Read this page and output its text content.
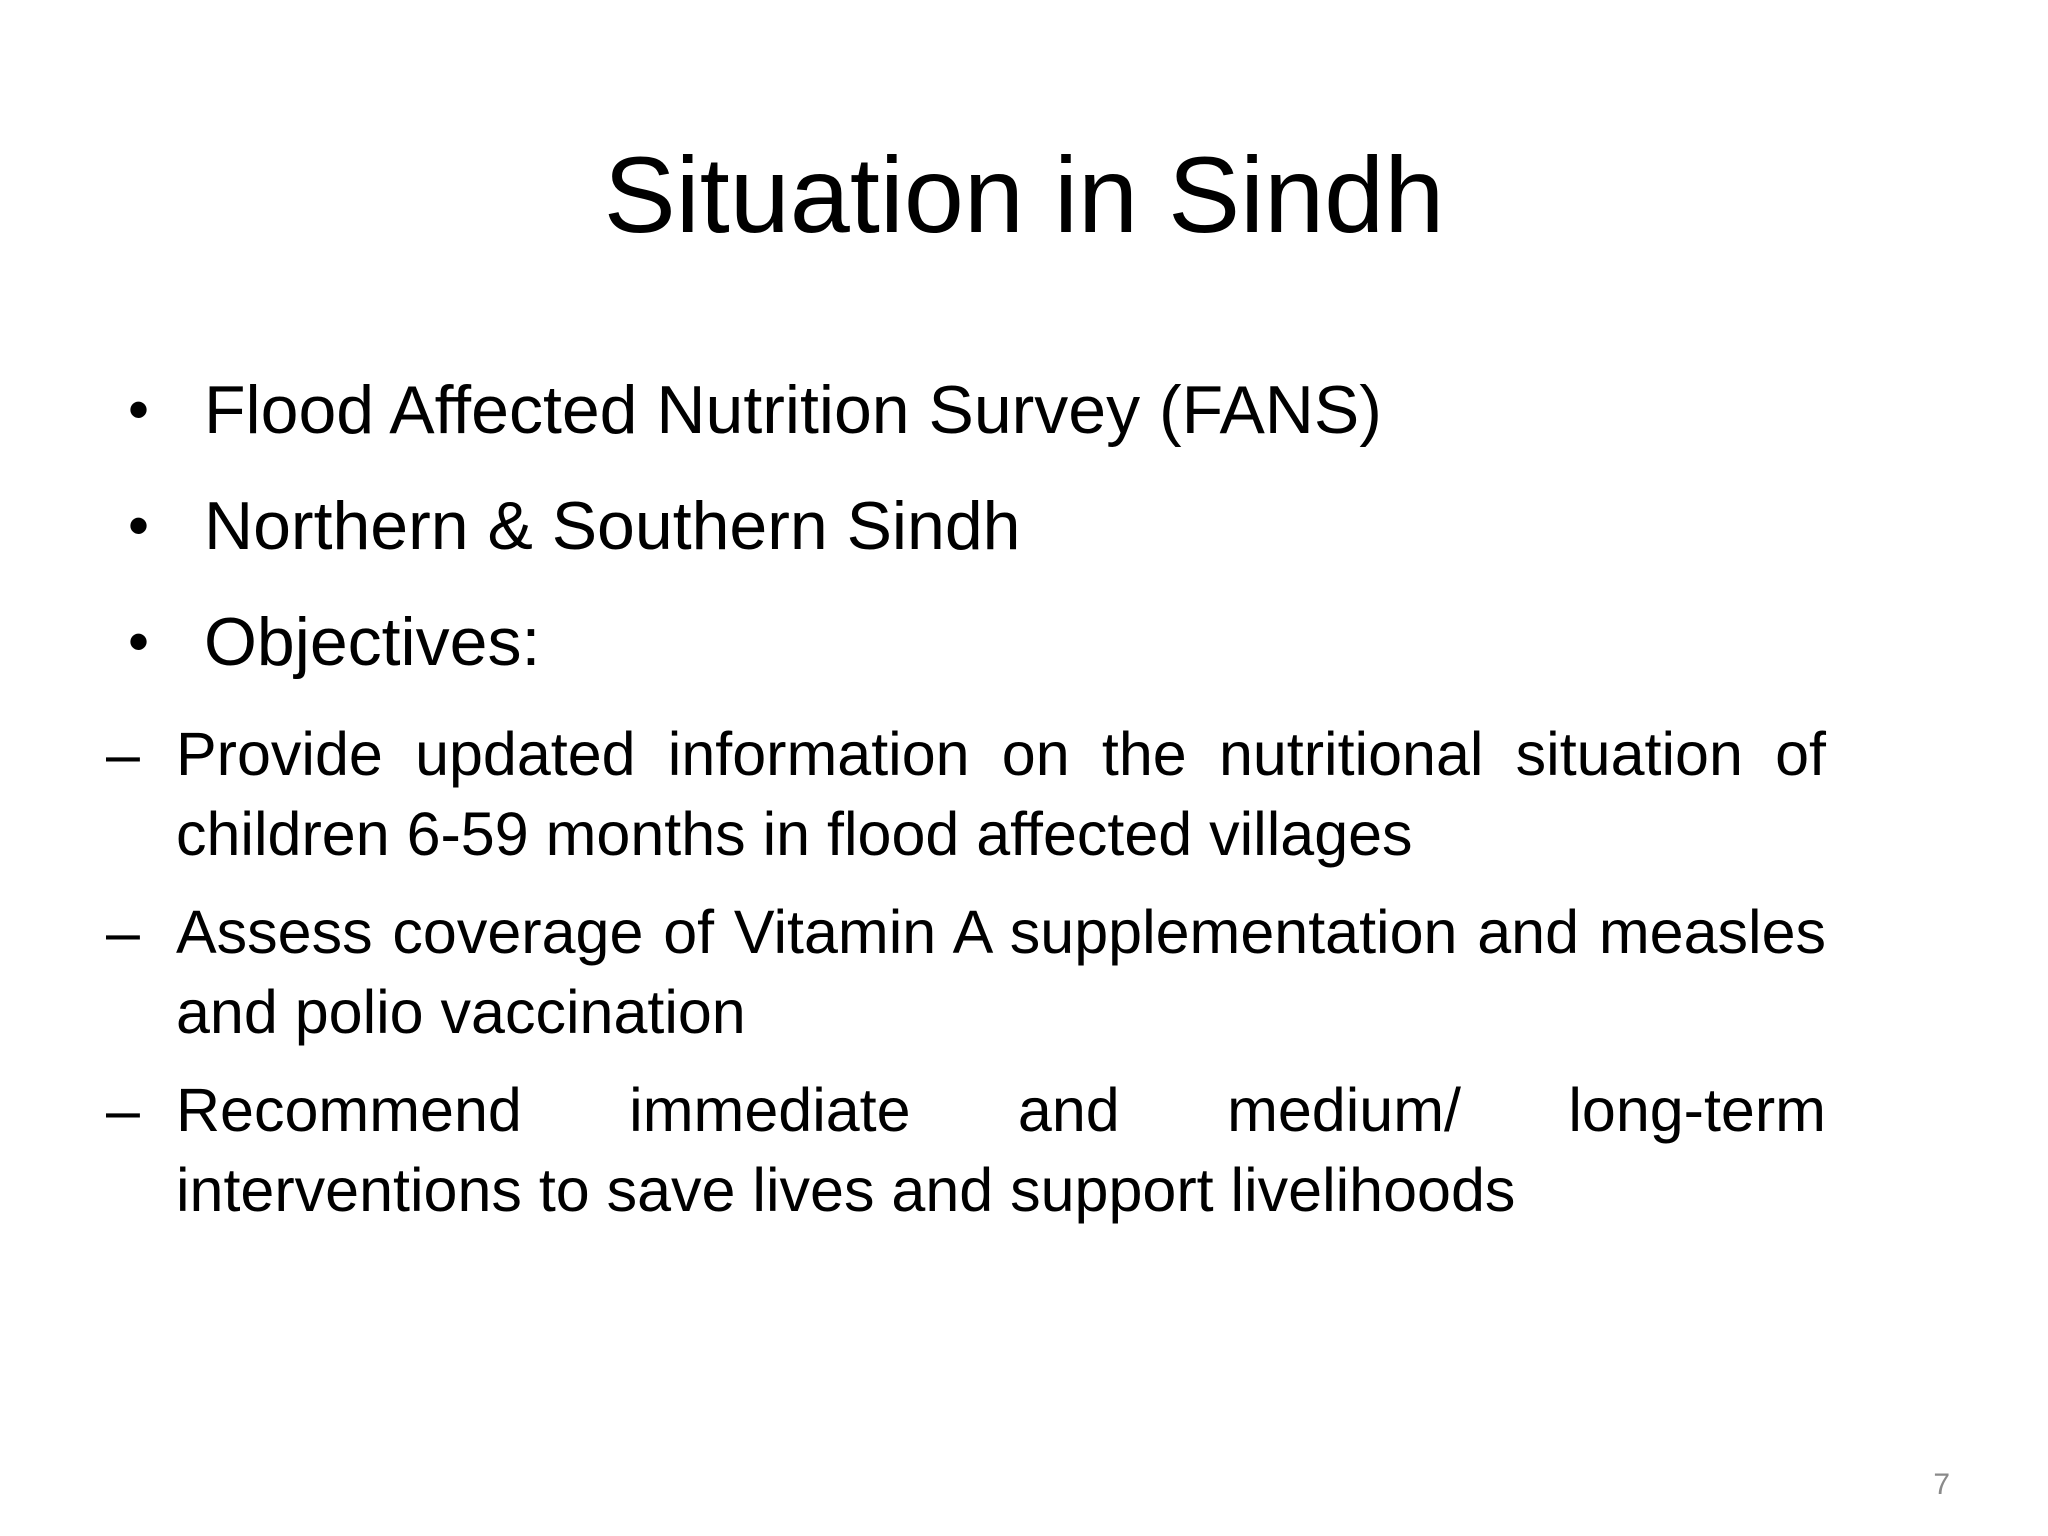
Situation in Sindh
• Flood Affected Nutrition Survey (FANS)
• Northern & Southern Sindh
• Objectives:
– Provide updated information on the nutritional situation of children 6-59 months in flood affected villages
– Assess coverage of Vitamin A supplementation and measles and polio vaccination
– Recommend immediate and medium/ long-term interventions to save lives and support livelihoods
7
